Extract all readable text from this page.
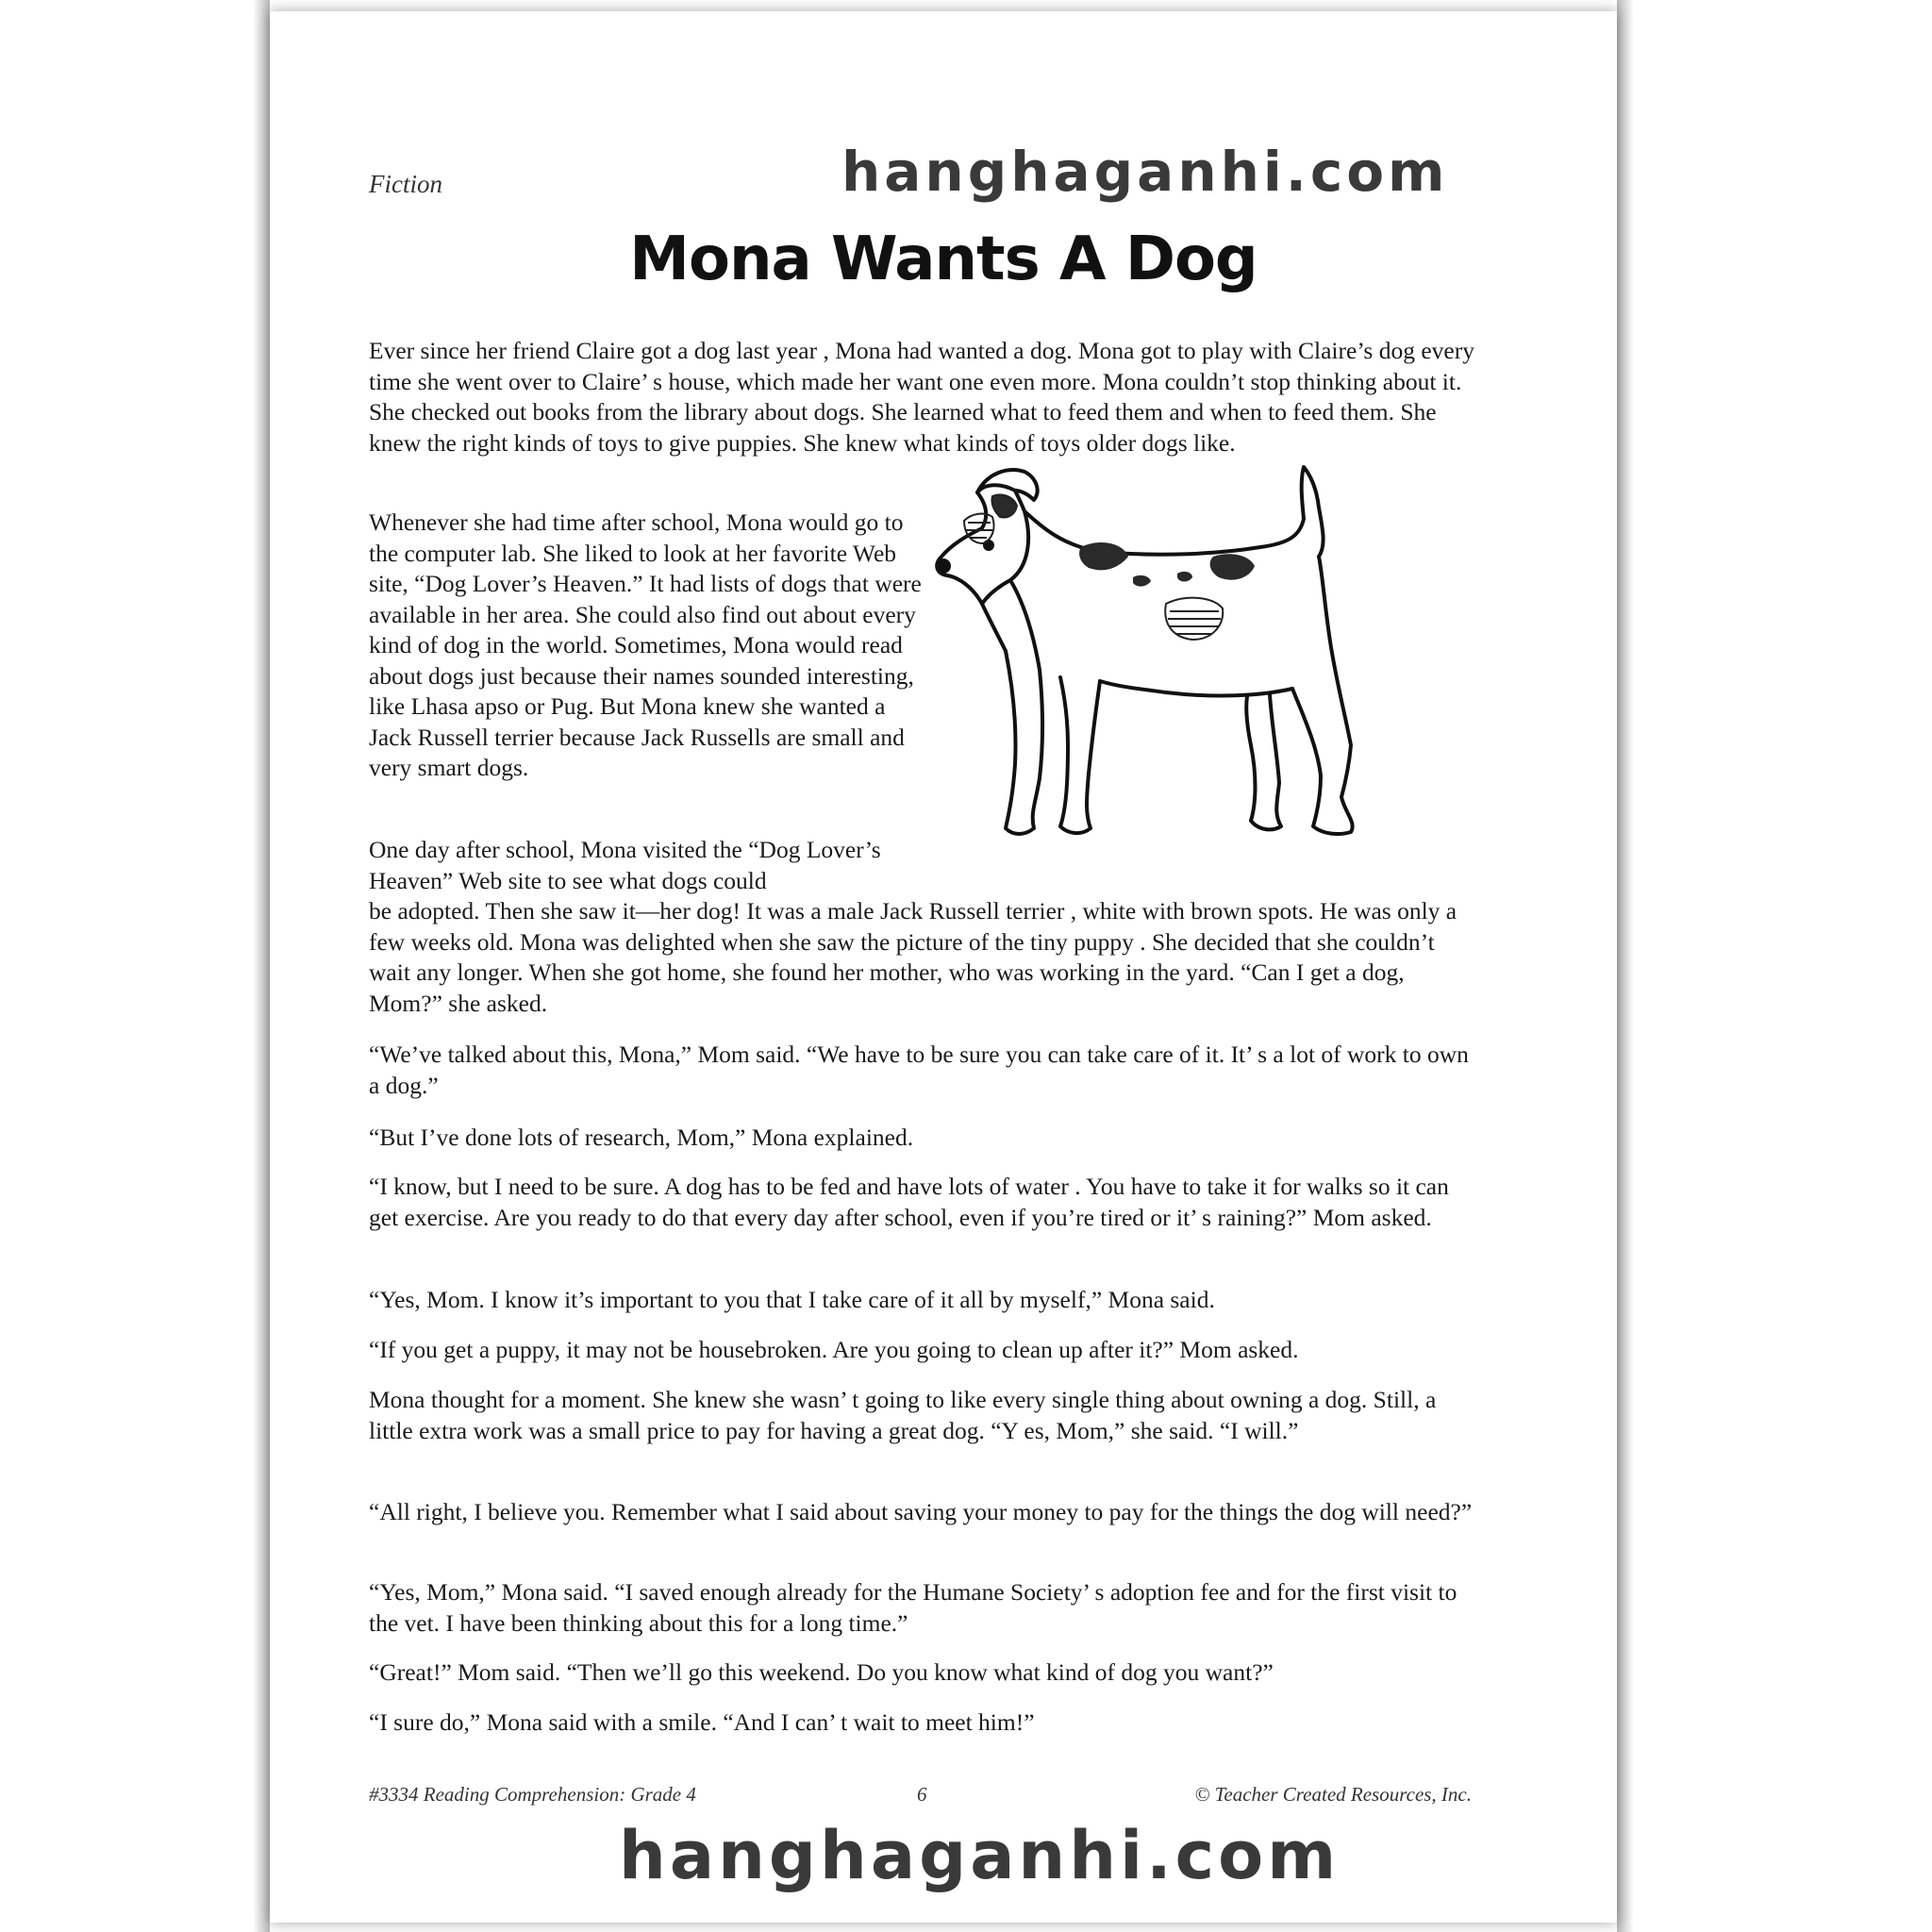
hanghaganhi.com
Fiction
Mona Wants A Dog

Ever since her friend Claire got a dog last year , Mona had wanted a dog. Mona got to play with Claire’s dog every time she went over to Claire’ s house, which made her want one even more. Mona couldn’t stop thinking about it. She checked out books from the library about dogs. She learned what to feed them and when to feed them. She knew the right kinds of toys to give puppies. She knew what kinds of toys older dogs like.

Whenever she had time after school, Mona would go to the computer lab. She liked to look at her favorite Web site, “Dog Lover’s Heaven.” It had lists of dogs that were available in her area. She could also find out about every kind of dog in the world. Sometimes, Mona would read about dogs just because their names sounded interesting, like Lhasa apso or Pug. But Mona knew she wanted a Jack Russell terrier because Jack Russells are small and very smart dogs.

One day after school, Mona visited the “Dog Lover’s Heaven” Web site to see what dogs could

be adopted. Then she saw it—her dog! It was a male Jack Russell terrier , white with brown spots. He was only a few weeks old. Mona was delighted when she saw the picture of the tiny puppy . She decided that she couldn’t wait any longer. When she got home, she found her mother, who was working in the yard. “Can I get a dog, Mom?” she asked.

“We’ve talked about this, Mona,” Mom said. “We have to be sure you can take care of it. It’ s a lot of work to own a dog.”

“But I’ve done lots of research, Mom,” Mona explained.

“I know, but I need to be sure. A dog has to be fed and have lots of water . You have to take it for walks so it can get exercise. Are you ready to do that every day after school, even if you’re tired or it’ s raining?” Mom asked.

“Yes, Mom. I know it’s important to you that I take care of it all by myself,” Mona said.

“If you get a puppy, it may not be housebroken. Are you going to clean up after it?” Mom asked.

Mona thought for a moment. She knew she wasn’ t going to like every single thing about owning a dog. Still, a little extra work was a small price to pay for having a great dog. “Y es, Mom,” she said. “I will.”

“All right, I believe you. Remember what I said about saving your money to pay for the things the dog will need?”

“Yes, Mom,” Mona said. “I saved enough already for the Humane Society’ s adoption fee and for the first visit to the vet. I have been thinking about this for a long time.”

“Great!” Mom said. “Then we’ll go this weekend. Do you know what kind of dog you want?”

“I sure do,” Mona said with a smile. “And I can’ t wait to meet him!”

#3334 Reading Comprehension: Grade 4	6	© Teacher Created Resources, Inc.
hanghaganhi.com
